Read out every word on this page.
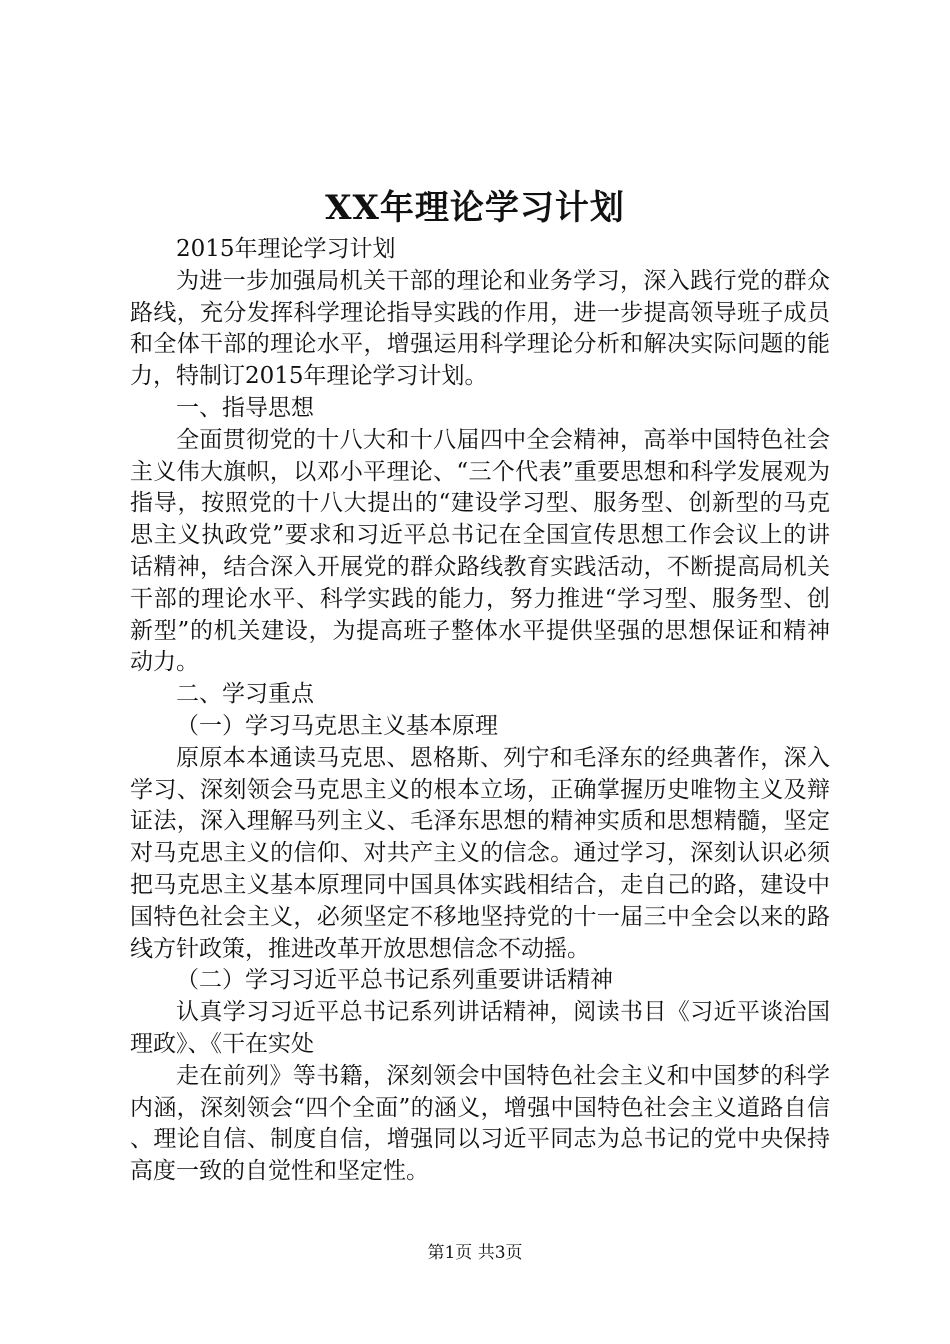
XX年理论学习计划

2015年理论学习计划

为进一步加强局机关干部的理论和业务学习，深入践行党的群众路线，充分发挥科学理论指导实践的作用，进一步提高领导班子成员和全体干部的理论水平，增强运用科学理论分析和解决实际问题的能力，特制订2015年理论学习计划。

一、指导思想

全面贯彻党的十八大和十八届四中全会精神，高举中国特色社会主义伟大旗帜，以邓小平理论、“三个代表”重要思想和科学发展观为指导，按照党的十八大提出的“建设学习型、服务型、创新型的马克思主义执政党”要求和习近平总书记在全国宣传思想工作会议上的讲话精神，结合深入开展党的群众路线教育实践活动，不断提高局机关干部的理论水平、科学实践的能力，努力推进“学习型、服务型、创新型”的机关建设，为提高班子整体水平提供坚强的思想保证和精神动力。

二、学习重点

（一）学习马克思主义基本原理

原原本本通读马克思、恩格斯、列宁和毛泽东的经典著作，深入学习、深刻领会马克思主义的根本立场，正确掌握历史唯物主义及辩证法，深入理解马列主义、毛泽东思想的精神实质和思想精髓，坚定对马克思主义的信仰、对共产主义的信念。通过学习，深刻认识必须把马克思主义基本原理同中国具体实践相结合，走自己的路，建设中国特色社会主义，必须坚定不移地坚持党的十一届三中全会以来的路线方针政策，推进改革开放思想信念不动摇。

（二）学习习近平总书记系列重要讲话精神

认真学习习近平总书记系列讲话精神，阅读书目《习近平谈治国理政》、《干在实处

走在前列》等书籍，深刻领会中国特色社会主义和中国梦的科学内涵，深刻领会“四个全面”的涵义，增强中国特色社会主义道路自信、理论自信、制度自信，增强同以习近平同志为总书记的党中央保持高度一致的自觉性和坚定性。

第1页 共3页
